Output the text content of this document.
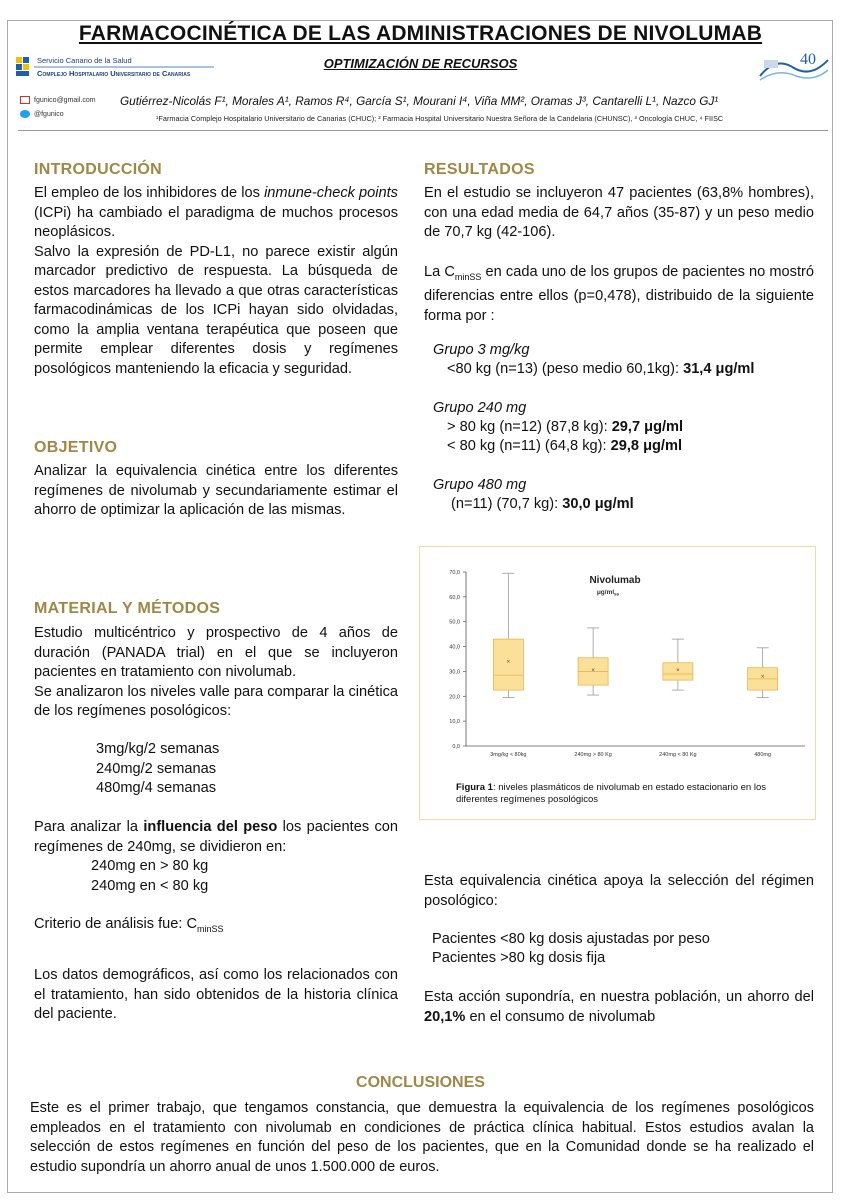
FARMACOCINÉTICA DE LAS ADMINISTRACIONES DE NIVOLUMAB
OPTIMIZACIÓN DE RECURSOS
Servicio Canario de la Salud
Complejo Hospitalario Universitario de Canarias
40
fgunico@gmail.com
@fgunico
Gutiérrez-Nicolás F¹, Morales A¹, Ramos R⁴, García S¹, Mourani I⁴, Viña MM², Oramas J³, Cantarelli L¹, Nazco GJ¹
¹Farmacia Complejo Hospitalario Universitario de Canarias (CHUC); ² Farmacia Hospital Universitario Nuestra Señora de la Candelaria (CHUNSC), ³ Oncología CHUC, ⁴ FIISC
INTRODUCCIÓN

El empleo de los inhibidores de los inmune-check points (ICPi) ha cambiado el paradigma de muchos procesos neoplásicos.

Salvo la expresión de PD-L1, no parece existir algún marcador predictivo de respuesta. La búsqueda de estos marcadores ha llevado a que otras características farmacodinámicas de los ICPi hayan sido olvidadas, como la amplia ventana terapéutica que poseen que permite emplear diferentes dosis y regímenes posológicos manteniendo la eficacia y seguridad.

OBJETIVO
Analizar la equivalencia cinética entre los diferentes regímenes de nivolumab y secundariamente estimar el ahorro de optimizar la aplicación de las mismas.
MATERIAL Y MÉTODOS

Estudio multicéntrico y prospectivo de 4 años de duración (PANADA trial) en el que se incluyeron pacientes en tratamiento con nivolumab.

Se analizaron los niveles valle para comparar la cinética de los regímenes posológicos:

3mg/kg/2 semanas
240mg/2 semanas
480mg/4 semanas
Para analizar la influencia del peso los pacientes con regímenes de 240mg, se dividieron en:
240mg en > 80 kg
240mg en < 80 kg
Criterio de análisis fue: $C_{minSS}$
Los datos demográficos, así como los relacionados con el tratamiento, han sido obtenidos de la historia clínica del paciente.
RESULTADOS
En el estudio se incluyeron 47 pacientes (63,8% hombres), con una edad media de 64,7 años (35-87) y un peso medio de 70,7 kg (42-106).
La $C_{minSS}$ en cada uno de los grupos de pacientes no mostró diferencias entre ellos (p=0,478), distribuido de la siguiente forma por :
Grupo 3 mg/kg
<80 kg (n=13) (peso medio 60,1kg): 31,4 μg/ml
Grupo 240 mg
> 80 kg (n=12) (87,8 kg): 29,7 μg/ml
< 80 kg (n=11) (64,8 kg): 29,8 μg/ml
Grupo 480 mg
(n=11) (70,7 kg): 30,0 μg/ml
Nivolumab
$\mu g/ml_{ss}$
0,0
10,0
20,0
30,0
40,0
50,0
60,0
70,0
3mg/kg < 80kg	240mg > 80 Kg	240mg < 80 Kg	480mg
×
×	×
×
Figura 1: niveles plasmáticos de nivolumab en estado estacionario en los diferentes regímenes posológicos
Esta equivalencia cinética apoya la selección del régimen posológico:
Pacientes <80 kg dosis ajustadas por peso
Pacientes >80 kg dosis fija
Esta acción supondría, en nuestra población, un ahorro del 20,1% en el consumo de nivolumab
CONCLUSIONES
Este es el primer trabajo, que tengamos constancia, que demuestra la equivalencia de los regímenes posológicos empleados en el tratamiento con nivolumab en condiciones de práctica clínica habitual. Estos estudios avalan la selección de estos regímenes en función del peso de los pacientes, que en la Comunidad donde se ha realizado el estudio supondría un ahorro anual de unos 1.500.000 de euros.
